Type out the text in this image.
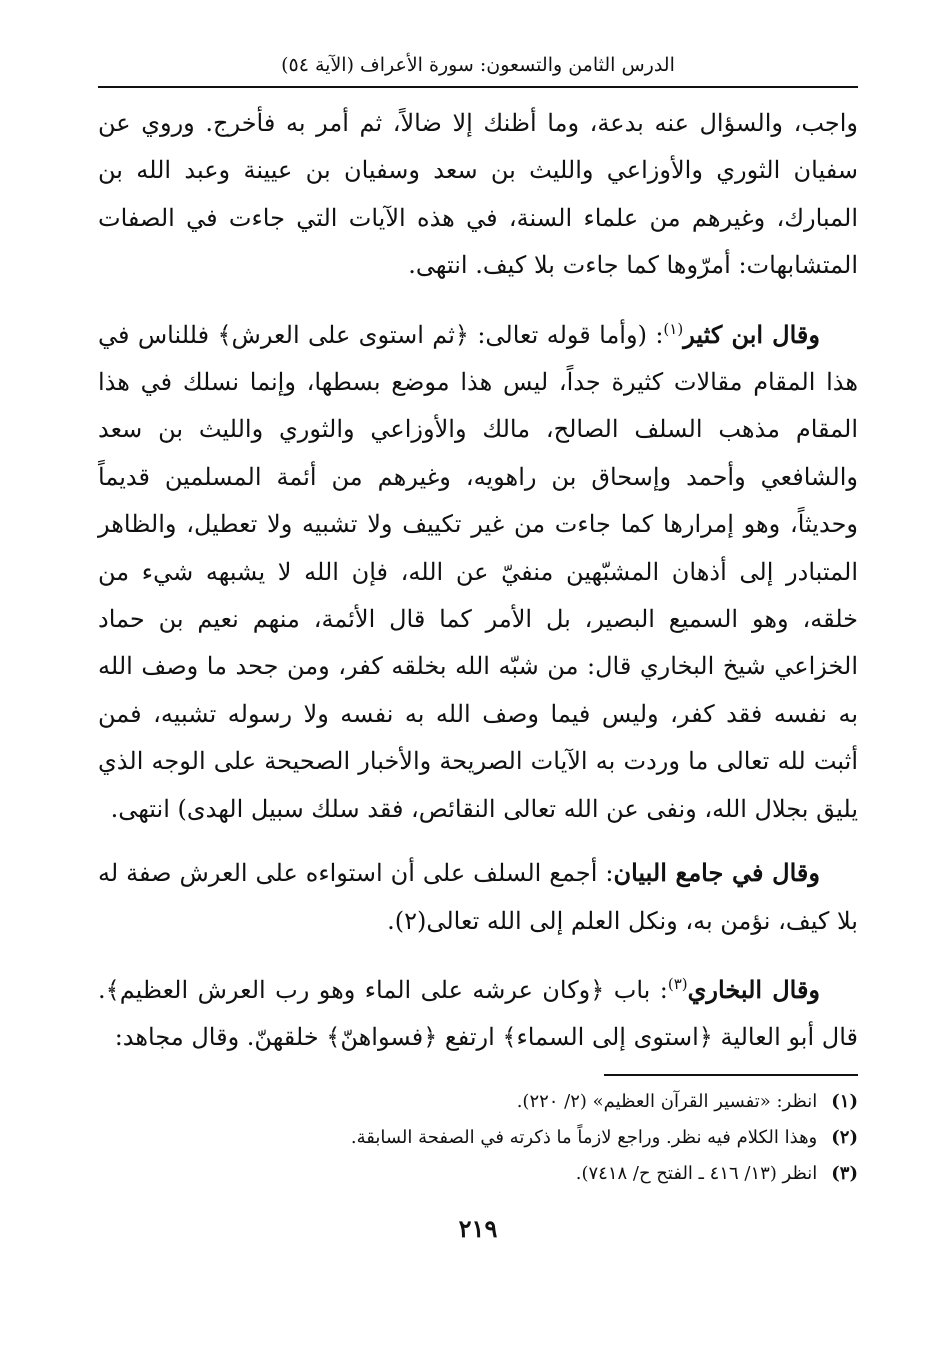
الدرس الثامن والتسعون: سورة الأعراف (الآية ٥٤)

واجب، والسؤال عنه بدعة، وما أظنك إلا ضالاً، ثم أمر به فأخرج. وروي عن سفيان الثوري والأوزاعي والليث بن سعد وسفيان بن عيينة وعبد الله بن المبارك، وغيرهم من علماء السنة، في هذه الآيات التي جاءت في الصفات المتشابهات: أمرّوها كما جاءت بلا كيف. انتهى.

وقال ابن كثير$^{(١)}$: (وأما قوله تعالى: ﴿ثم استوى على العرش﴾ فللناس في هذا المقام مقالات كثيرة جداً، ليس هذا موضع بسطها، وإنما نسلك في هذا المقام مذهب السلف الصالح، مالك والأوزاعي والثوري والليث بن سعد والشافعي وأحمد وإسحاق بن راهويه، وغيرهم من أئمة المسلمين قديماً وحديثاً، وهو إمرارها كما جاءت من غير تكييف ولا تشبيه ولا تعطيل، والظاهر المتبادر إلى أذهان المشبّهين منفيّ عن الله، فإن الله لا يشبهه شيء من خلقه، وهو السميع البصير، بل الأمر كما قال الأئمة، منهم نعيم بن حماد الخزاعي شيخ البخاري قال: من شبّه الله بخلقه كفر، ومن جحد ما وصف الله به نفسه فقد كفر، وليس فيما وصف الله به نفسه ولا رسوله تشبيه، فمن أثبت لله تعالى ما وردت به الآيات الصريحة والأخبار الصحيحة على الوجه الذي يليق بجلال الله، ونفى عن الله تعالى النقائص، فقد سلك سبيل الهدى) انتهى.

وقال في جامع البيان: أجمع السلف على أن استواءه على العرش صفة له بلا كيف، نؤمن به، ونكل العلم إلى الله تعالى(٢).

وقال البخاري$^{(٣)}$: باب ﴿وكان عرشه على الماء وهو رب العرش العظيم﴾. قال أبو العالية ﴿استوى إلى السماء﴾ ارتفع ﴿فسواهنّ﴾ خلقهنّ. وقال مجاهد:

(١)
انظر: «تفسير القرآن العظيم» (٢/ ٢٢٠).
(٢)
وهذا الكلام فيه نظر. وراجع لازماً ما ذكرته في الصفحة السابقة.
(٣)
انظر (١٣/ ٤١٦ ـ الفتح ح/ ٧٤١٨).
٢١٩
